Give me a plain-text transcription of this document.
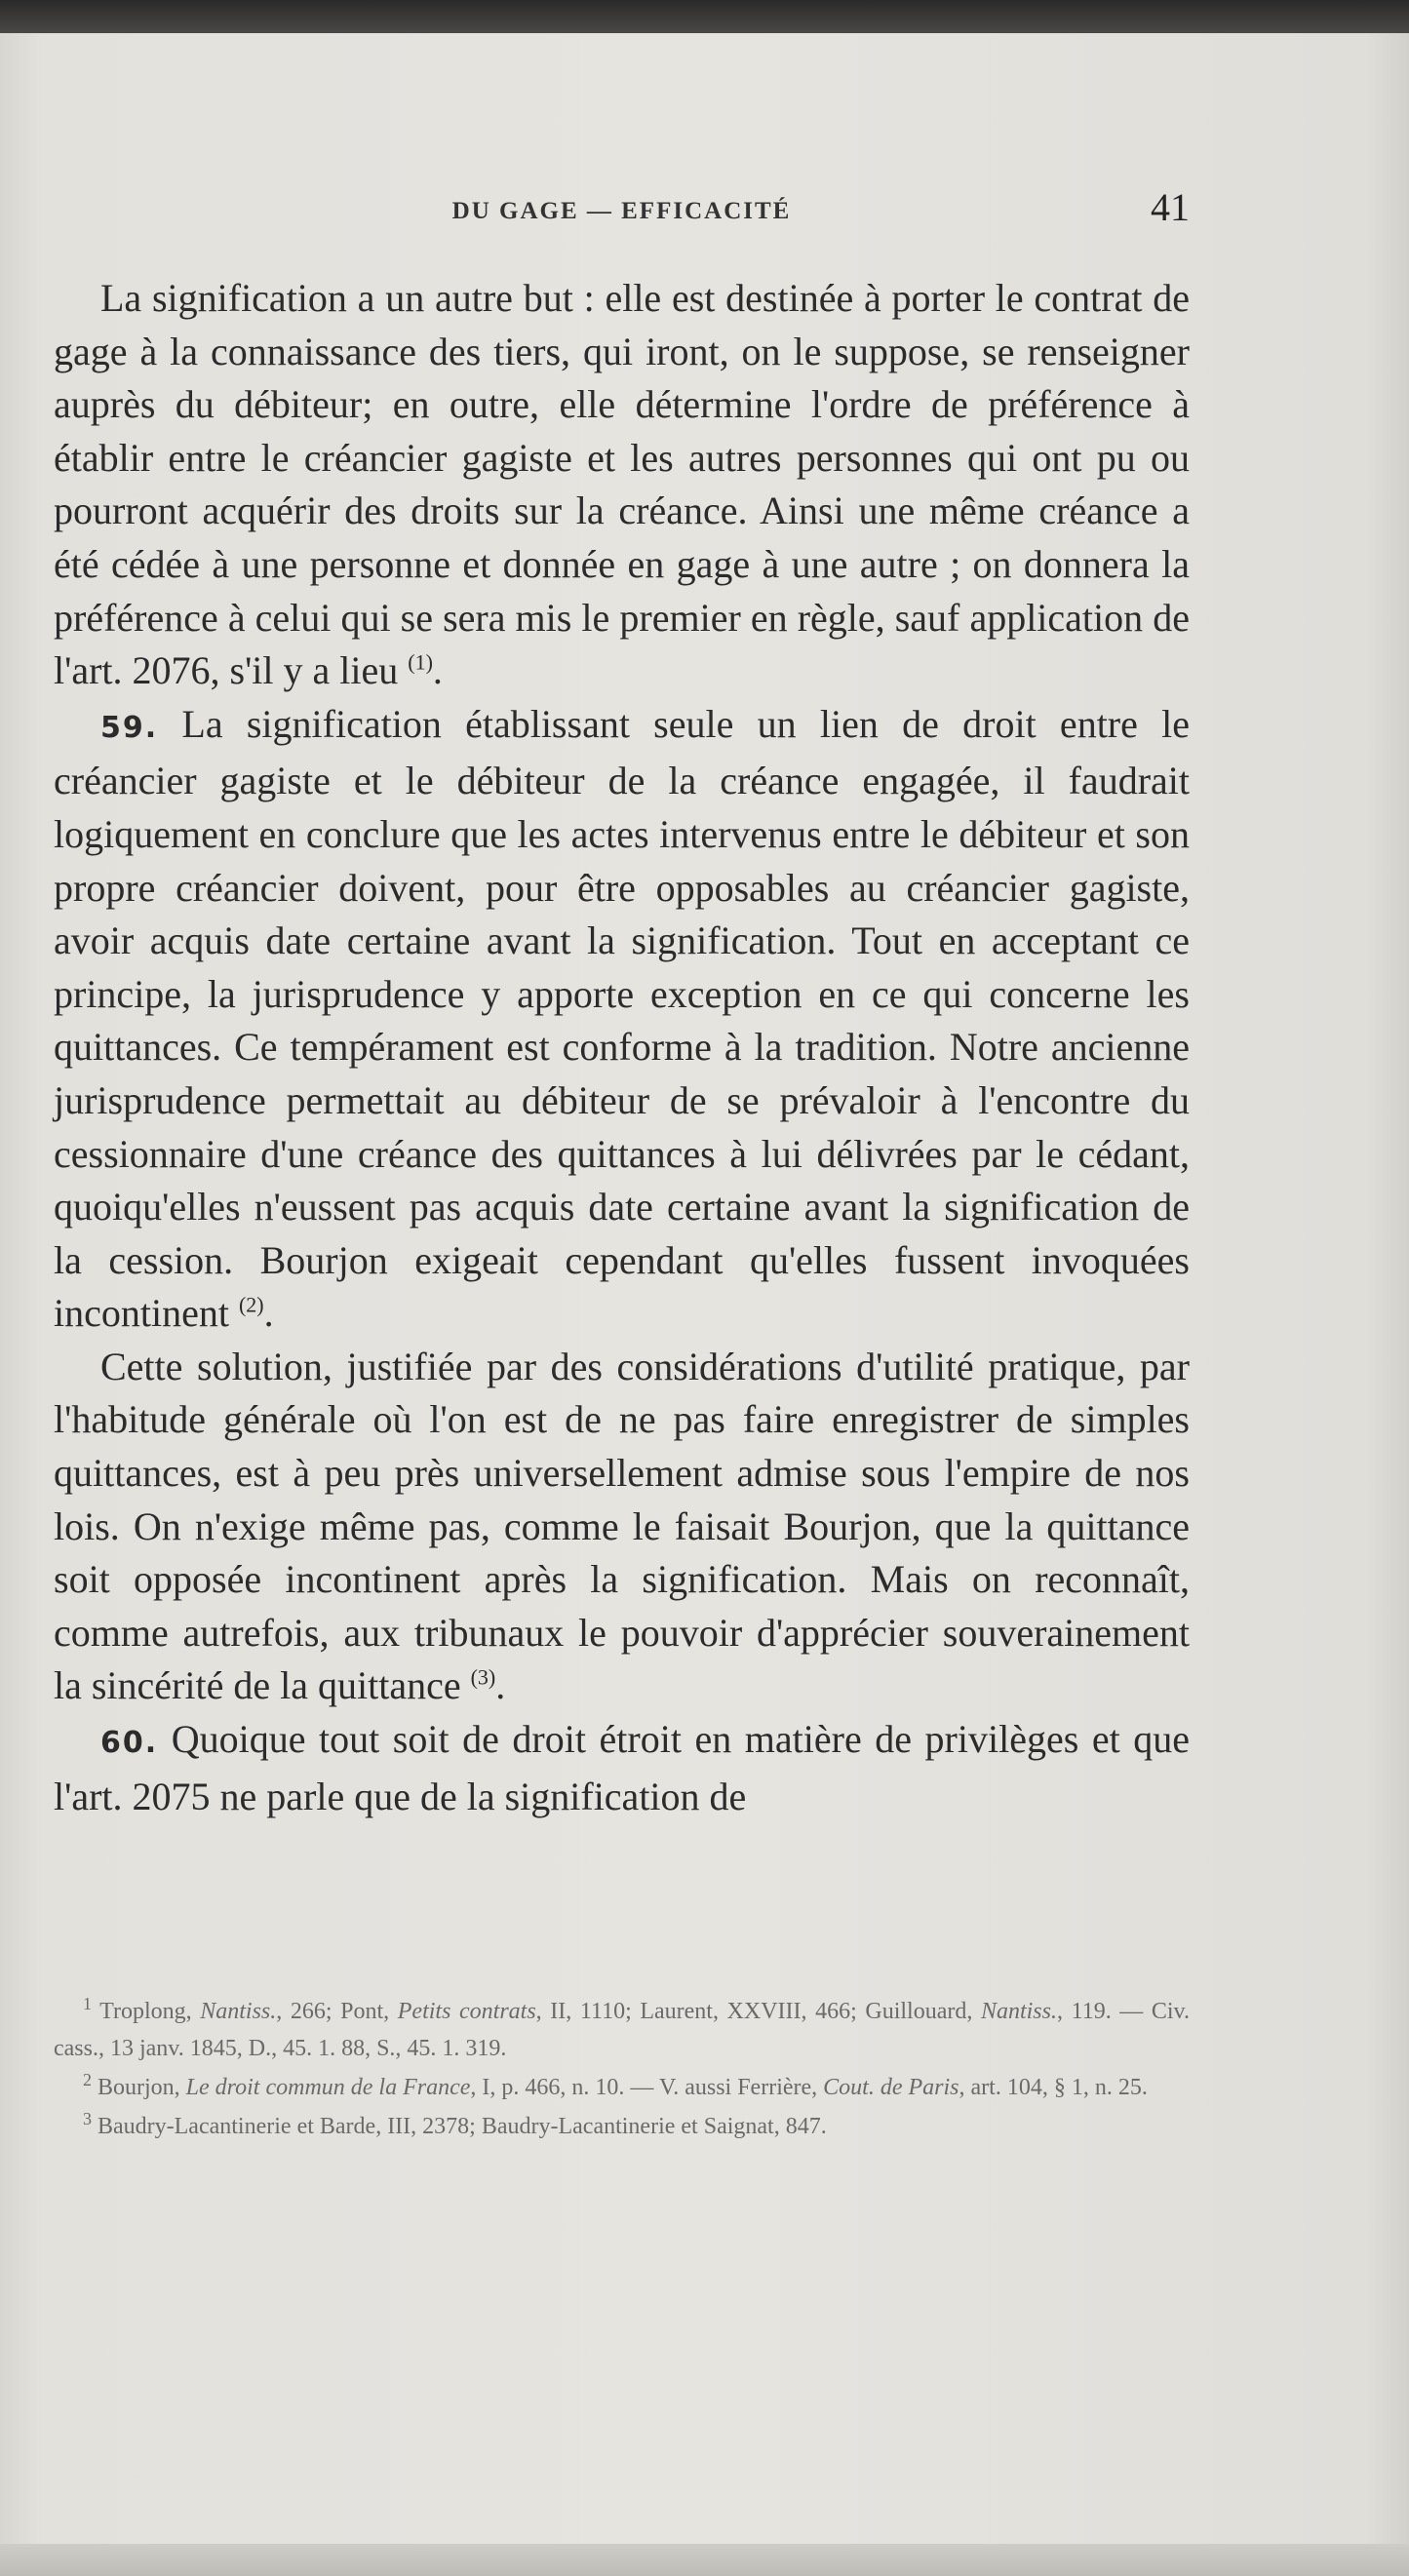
DU GAGE — EFFICACITÉ	41

La signification a un autre but : elle est destinée à porter le contrat de gage à la connaissance des tiers, qui iront, on le suppose, se renseigner auprès du débiteur; en outre, elle détermine l'ordre de préférence à établir entre le créancier gagiste et les autres personnes qui ont pu ou pourront acquérir des droits sur la créance. Ainsi une même créance a été cédée à une personne et donnée en gage à une autre ; on donnera la préférence à celui qui se sera mis le premier en règle, sauf application de l'art. 2076, s'il y a lieu $^{(1)}$.

59. La signification établissant seule un lien de droit entre le créancier gagiste et le débiteur de la créance engagée, il faudrait logiquement en conclure que les actes intervenus entre le débiteur et son propre créancier doivent, pour être opposables au créancier gagiste, avoir acquis date certaine avant la signification. Tout en acceptant ce principe, la jurisprudence y apporte exception en ce qui concerne les quittances. Ce tempérament est conforme à la tradition. Notre ancienne jurisprudence permettait au débiteur de se prévaloir à l'encontre du cessionnaire d'une créance des quittances à lui délivrées par le cédant, quoiqu'elles n'eussent pas acquis date certaine avant la signification de la cession. Bourjon exigeait cependant qu'elles fussent invoquées incontinent $^{(2)}$.

Cette solution, justifiée par des considérations d'utilité pratique, par l'habitude générale où l'on est de ne pas faire enregistrer de simples quittances, est à peu près universellement admise sous l'empire de nos lois. On n'exige même pas, comme le faisait Bourjon, que la quittance soit opposée incontinent après la signification. Mais on reconnaît, comme autrefois, aux tribunaux le pouvoir d'apprécier souverainement la sincérité de la quittance $^{(3)}$.

60. Quoique tout soit de droit étroit en matière de privilèges et que l'art. 2075 ne parle que de la signification de

$^1$ Troplong, Nantiss., 266; Pont, Petits contrats, II, 1110; Laurent, XXVIII, 466; Guillouard, Nantiss., 119. — Civ. cass., 13 janv. 1845, D., 45. 1. 88, S., 45. 1. 319.

$^2$ Bourjon, Le droit commun de la France, I, p. 466, n. 10. — V. aussi Ferrière, Cout. de Paris, art. 104, § 1, n. 25.

$^3$ Baudry-Lacantinerie et Barde, III, 2378; Baudry-Lacantinerie et Saignat, 847.
